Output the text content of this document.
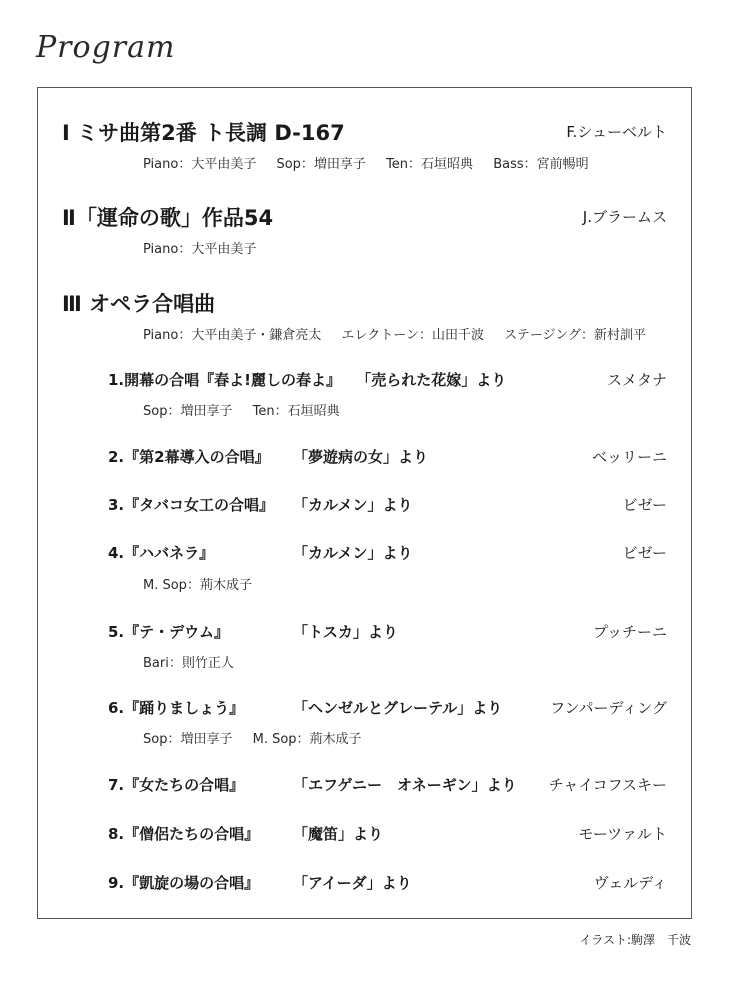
Program
Ⅰ ミサ曲第2番 ト長調 D-167	F.シューベルト
Piano：大平由美子 Sop：増田享子 Ten：石垣昭典 Bass：宮前暢明
Ⅱ「運命の歌」作品54	J.ブラームス
Piano：大平由美子
Ⅲ オペラ合唱曲
Piano：大平由美子・鎌倉亮太 エレクトーン：山田千波 ステージング：新村訓平
1.開幕の合唱『春よ!麗しの春よ』 「売られた花嫁」より	スメタナ
Sop：増田享子 Ten：石垣昭典
2.『第2幕導入の合唱』 「夢遊病の女」より	ベッリーニ
3.『タバコ女工の合唱』 「カルメン」より	ビゼー
4.『ハバネラ』	「カルメン」より	ビゼー
M. Sop：荊木成子
5.『テ・デウム』	「トスカ」より	プッチーニ
Bari：則竹正人
6.『踊りましょう』	「ヘンゼルとグレーテル」より	フンパーディング
Sop：増田享子 M. Sop：荊木成子
7.『女たちの合唱』	「エフゲニー　オネーギン」より チャイコフスキー
8.『僧侶たちの合唱』 「魔笛」より	モーツァルト
9.『凱旋の場の合唱』 「アイーダ」より	ヴェルディ
イラスト:駒澤　千波
